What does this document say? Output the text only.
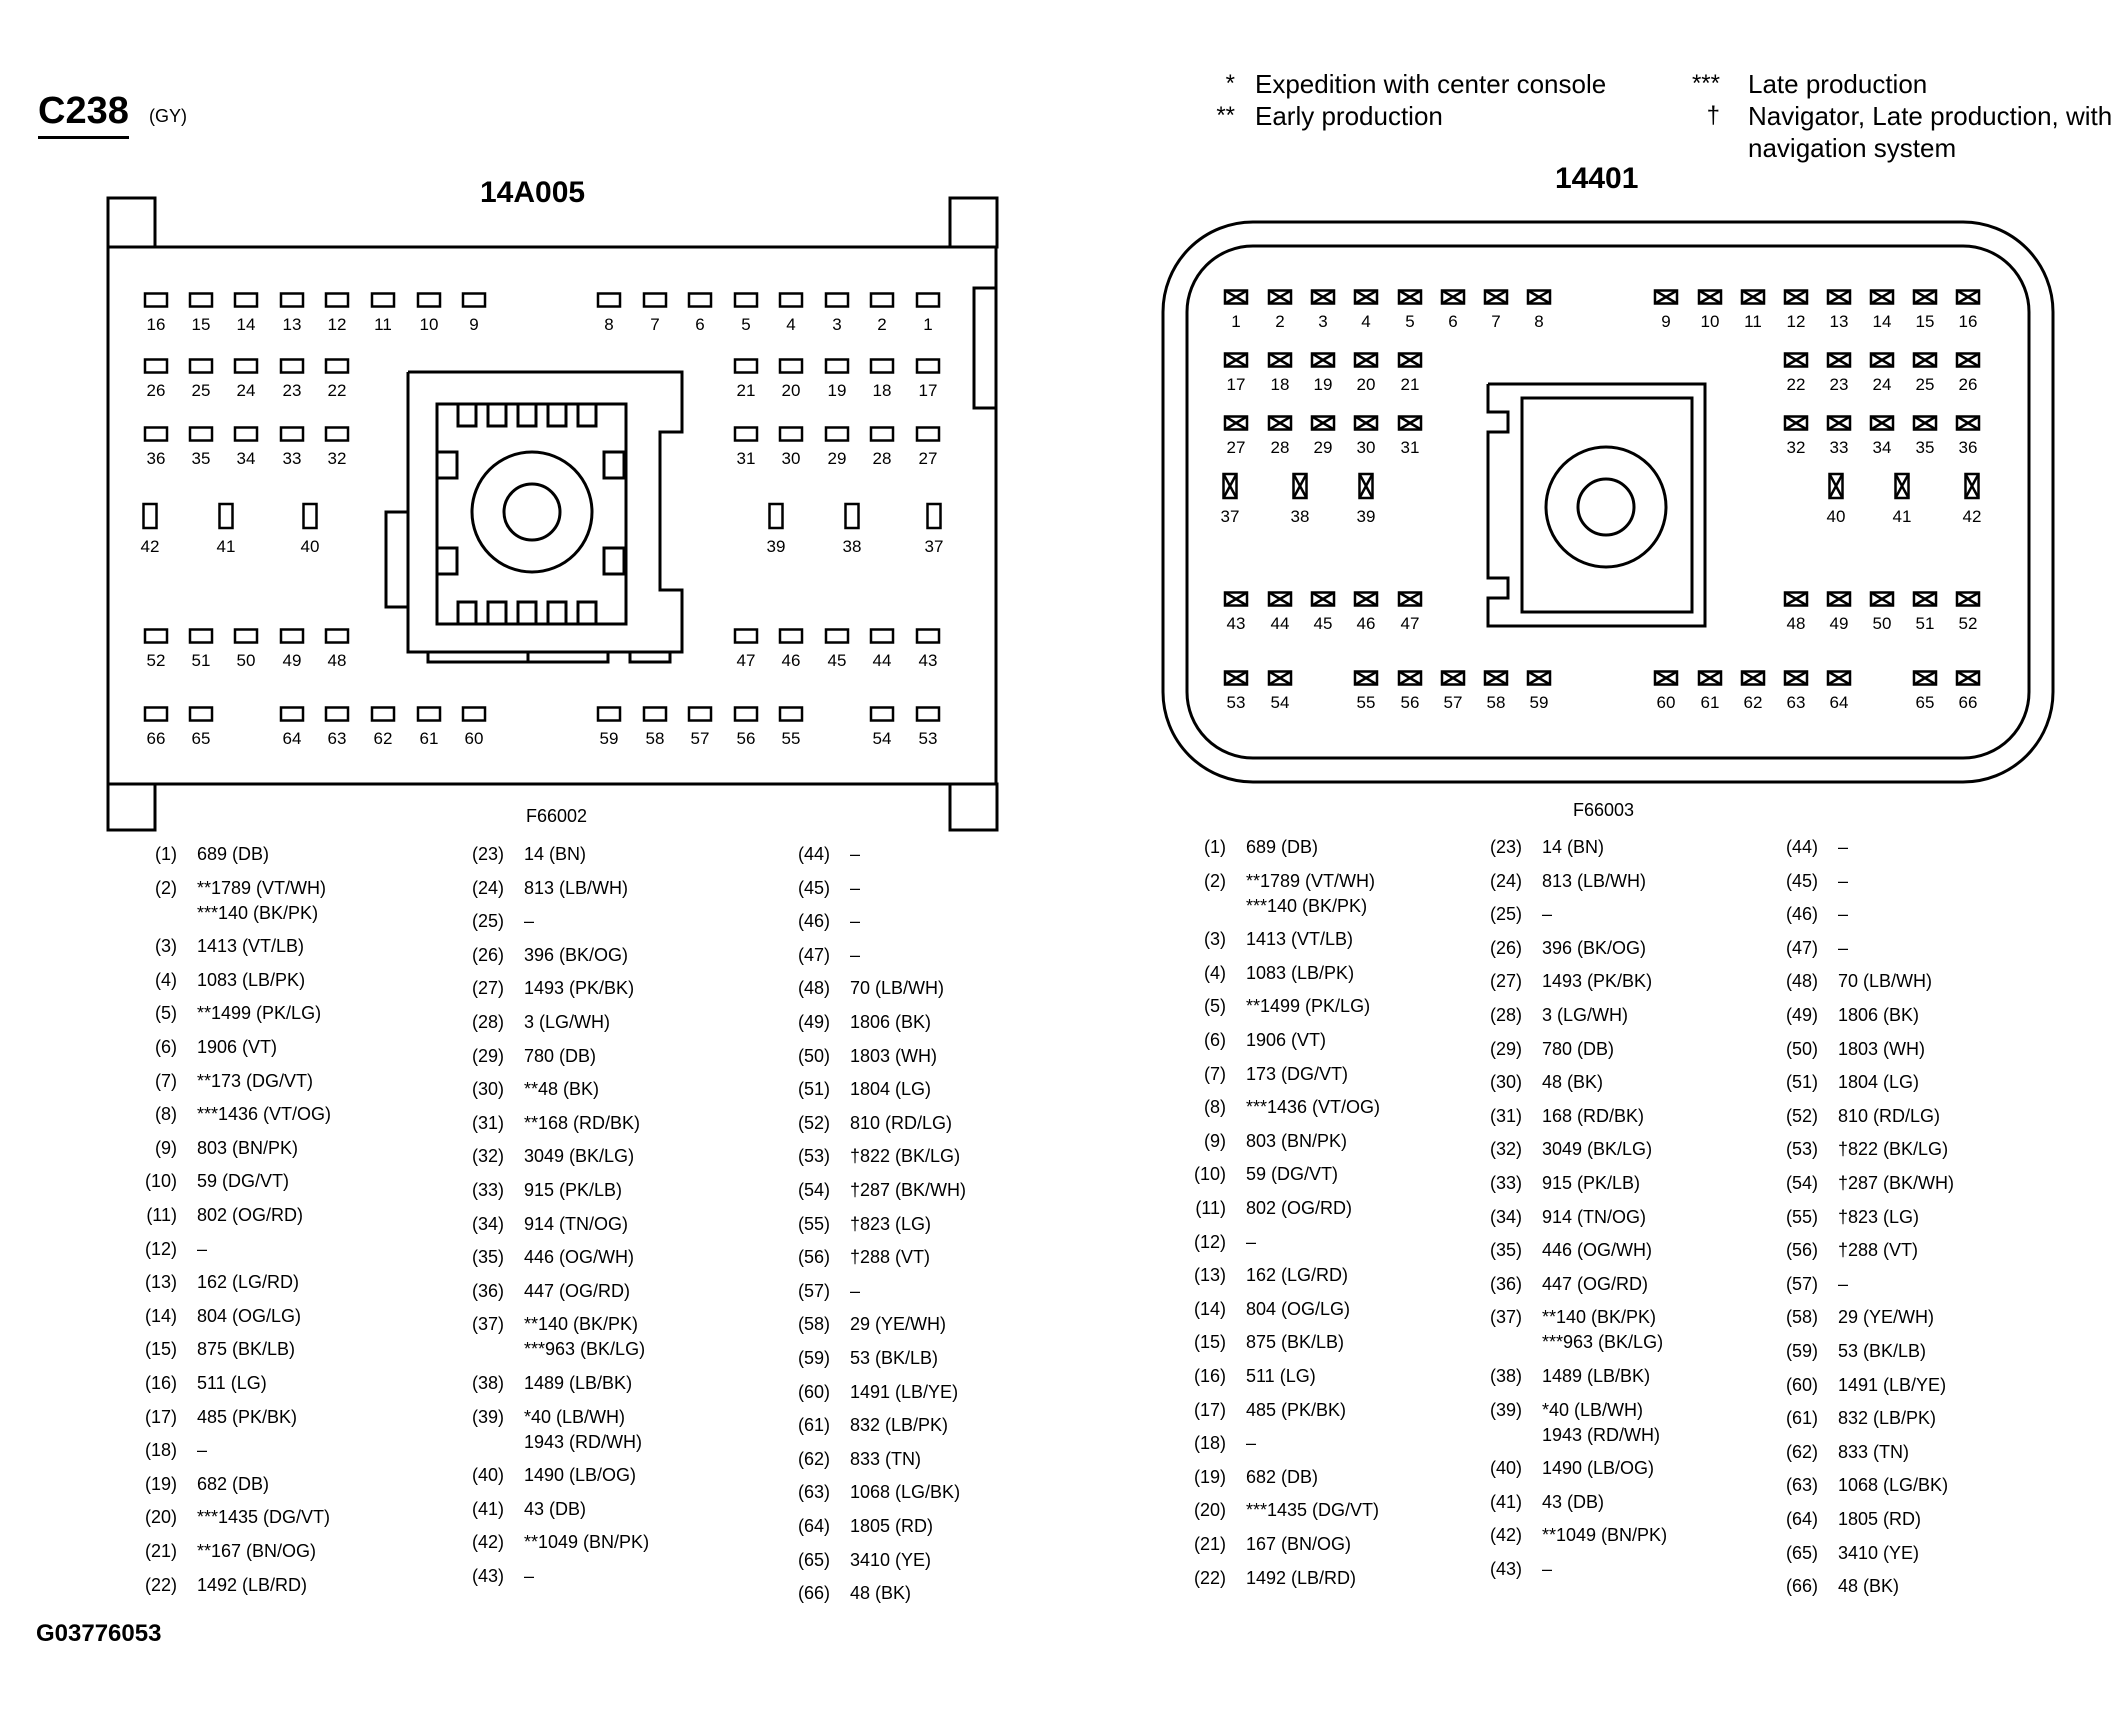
C238 (GY)
* Expedition with center console
** Early production
*** Late production
† Navigator, Late production, with navigation system
14A005	14401
16 15 14 13 12 11 10 9	8 7 6 5 4 3 2 1
26 25 24 23 22	21 20 19 18 17
36 35 34 33 32	31 30 29 28 27
52 51 50 49 48	47 46 45 44 43
66 65	64 63 62 61 60	59 58 57 56 55	54 53
42	41	40	39	38	37
1 2 3 4 5 6 7 8	9 10 11 12 13 14 15 16
17 18 19 20 21	22 23 24 25 26
27 28 29 30 31	32 33 34 35 36
43 44 45 46 47	48 49 50 51 52
53 54	55 56 57 58 59	60 61 62 63 64	65 66
37	38	39	40	41	42
F66002	F66003
(1) 689 (DB)
(2) **1789 (VT/WH)
***140 (BK/PK)
(3) 1413 (VT/LB)
(4) 1083 (LB/PK)
(5) **1499 (PK/LG)
(6) 1906 (VT)
(7) **173 (DG/VT)
(8) ***1436 (VT/OG)
(9) 803 (BN/PK)
(10) 59 (DG/VT)
(11) 802 (OG/RD)
(12) –
(13) 162 (LG/RD)
(14) 804 (OG/LG)
(15) 875 (BK/LB)
(16) 511 (LG)
(17) 485 (PK/BK)
(18) –
(19) 682 (DB)
(20) ***1435 (DG/VT)
(21) **167 (BN/OG)
(22) 1492 (LB/RD)
(23) 14 (BN)
(24) 813 (LB/WH)
(25) –
(26) 396 (BK/OG)
(27) 1493 (PK/BK)
(28) 3 (LG/WH)
(29) 780 (DB)
(30) **48 (BK)
(31) **168 (RD/BK)
(32) 3049 (BK/LG)
(33) 915 (PK/LB)
(34) 914 (TN/OG)
(35) 446 (OG/WH)
(36) 447 (OG/RD)
(37) **140 (BK/PK)
***963 (BK/LG)
(38) 1489 (LB/BK)
(39) *40 (LB/WH)
1943 (RD/WH)
(40) 1490 (LB/OG)
(41) 43 (DB)
(42) **1049 (BN/PK)
(43) –
(44) –
(45) –
(46) –
(47) –
(48) 70 (LB/WH)
(49) 1806 (BK)
(50) 1803 (WH)
(51) 1804 (LG)
(52) 810 (RD/LG)
(53) †822 (BK/LG)
(54) †287 (BK/WH)
(55) †823 (LG)
(56) †288 (VT)
(57) –
(58) 29 (YE/WH)
(59) 53 (BK/LB)
(60) 1491 (LB/YE)
(61) 832 (LB/PK)
(62) 833 (TN)
(63) 1068 (LG/BK)
(64) 1805 (RD)
(65) 3410 (YE)
(66) 48 (BK)
(1) 689 (DB)
(2) **1789 (VT/WH)
***140 (BK/PK)
(3) 1413 (VT/LB)
(4) 1083 (LB/PK)
(5) **1499 (PK/LG)
(6) 1906 (VT)
(7) 173 (DG/VT)
(8) ***1436 (VT/OG)
(9) 803 (BN/PK)
(10) 59 (DG/VT)
(11) 802 (OG/RD)
(12) –
(13) 162 (LG/RD)
(14) 804 (OG/LG)
(15) 875 (BK/LB)
(16) 511 (LG)
(17) 485 (PK/BK)
(18) –
(19) 682 (DB)
(20) ***1435 (DG/VT)
(21) 167 (BN/OG)
(22) 1492 (LB/RD)
(23) 14 (BN)
(24) 813 (LB/WH)
(25) –
(26) 396 (BK/OG)
(27) 1493 (PK/BK)
(28) 3 (LG/WH)
(29) 780 (DB)
(30) 48 (BK)
(31) 168 (RD/BK)
(32) 3049 (BK/LG)
(33) 915 (PK/LB)
(34) 914 (TN/OG)
(35) 446 (OG/WH)
(36) 447 (OG/RD)
(37) **140 (BK/PK)
***963 (BK/LG)
(38) 1489 (LB/BK)
(39) *40 (LB/WH)
1943 (RD/WH)
(40) 1490 (LB/OG)
(41) 43 (DB)
(42) **1049 (BN/PK)
(43) –
(44) –
(45) –
(46) –
(47) –
(48) 70 (LB/WH)
(49) 1806 (BK)
(50) 1803 (WH)
(51) 1804 (LG)
(52) 810 (RD/LG)
(53) †822 (BK/LG)
(54) †287 (BK/WH)
(55) †823 (LG)
(56) †288 (VT)
(57) –
(58) 29 (YE/WH)
(59) 53 (BK/LB)
(60) 1491 (LB/YE)
(61) 832 (LB/PK)
(62) 833 (TN)
(63) 1068 (LG/BK)
(64) 1805 (RD)
(65) 3410 (YE)
(66) 48 (BK)
G03776053
